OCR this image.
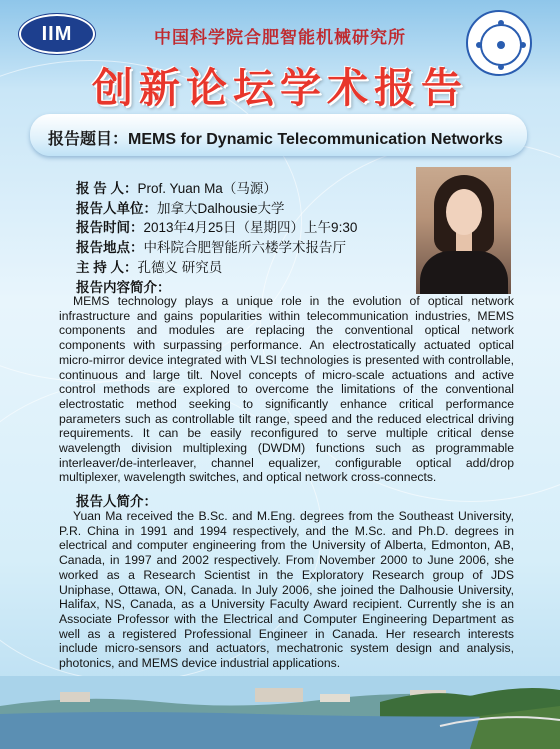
IIM	中国科学院合肥智能机械研究所
创新论坛学术报告
报告题目：MEMS for Dynamic Telecommunication Networks
报 告 人：Prof. Yuan Ma（马源）
报告人单位：加拿大Dalhousie大学
报告时间：2013年4月25日（星期四）上午9:30
报告地点：中科院合肥智能所六楼学术报告厅
主 持 人：孔德义 研究员
报告内容简介：

MEMS technology plays a unique role in the evolution of optical network infrastructure and gains popularities within telecommunication industries, MEMS components and modules are replacing the conventional optical network components with surpassing performance. An electrostatically actuated optical micro-mirror device integrated with VLSI technologies is presented with controllable, continuous and large tilt. Novel concepts of micro-scale actuations and active control methods are explored to overcome the limitations of the conventional electrostatic method seeking to significantly enhance critical performance parameters such as controllable tilt range, speed and the reduced electrical driving requirements. It can be easily reconfigured to serve multiple critical dense wavelength division multiplexing (DWDM) functions such as programmable interleaver/de-interleaver, channel equalizer, configurable optical add/drop multiplexer, wavelength switches, and optical network cross-connects.

报告人简介：

Yuan Ma received the B.Sc. and M.Eng. degrees from the Southeast University, P.R. China in 1991 and 1994 respectively, and the M.Sc. and Ph.D. degrees in electrical and computer engineering from the University of Alberta, Edmonton, AB, Canada, in 1997 and 2002 respectively. From November 2000 to June 2006, she worked as a Research Scientist in the Exploratory Research group of JDS Uniphase, Ottawa, ON, Canada. In July 2006, she joined the Dalhousie University, Halifax, NS, Canada, as a University Faculty Award recipient. Currently she is an Associate Professor with the Electrical and Computer Engineering Department as well as a registered Professional Engineer in Canada. Her research interests include micro-sensors and actuators, mechatronic system design and analysis, photonics, and MEMS device industrial applications.
